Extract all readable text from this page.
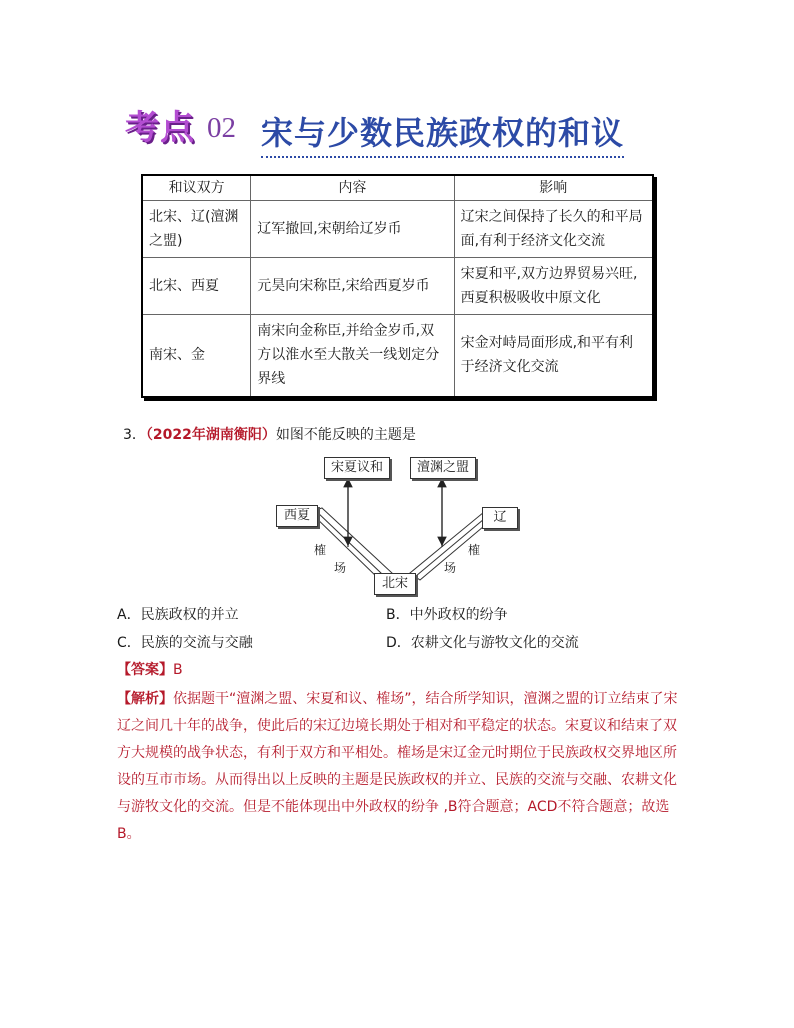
考点 02 宋与少数民族政权的和议
和议双方	内容	影响
北宋、辽(澶渊之盟)	辽军撤回,宋朝给辽岁币	辽宋之间保持了长久的和平局面,有利于经济文化交流
北宋、西夏	元昊向宋称臣,宋给西夏岁币	宋夏和平,双方边界贸易兴旺,西夏积极吸收中原文化
南宋、金	南宋向金称臣,并给金岁币,双方以淮水至大散关一线划定分界线	宋金对峙局面形成,和平有利于经济文化交流
3．（2022年湖南衡阳）如图不能反映的主题是
宋夏议和	澶渊之盟
西夏	辽
北宋
榷
场
榷
场
A．民族政权的并立	B．中外政权的纷争
C．民族的交流与交融	D．农耕文化与游牧文化的交流
【答案】B
【解析】依据题干“澶渊之盟、宋夏和议、榷场”，结合所学知识，澶渊之盟的订立结束了宋辽之间几十年的战争，使此后的宋辽边境长期处于相对和平稳定的状态。宋夏议和结束了双方大规模的战争状态，有利于双方和平相处。榷场是宋辽金元时期位于民族政权交界地区所设的互市市场。从而得出以上反映的主题是民族政权的并立、民族的交流与交融、农耕文化与游牧文化的交流。但是不能体现出中外政权的纷争 ,B符合题意；ACD不符合题意；故选B。
